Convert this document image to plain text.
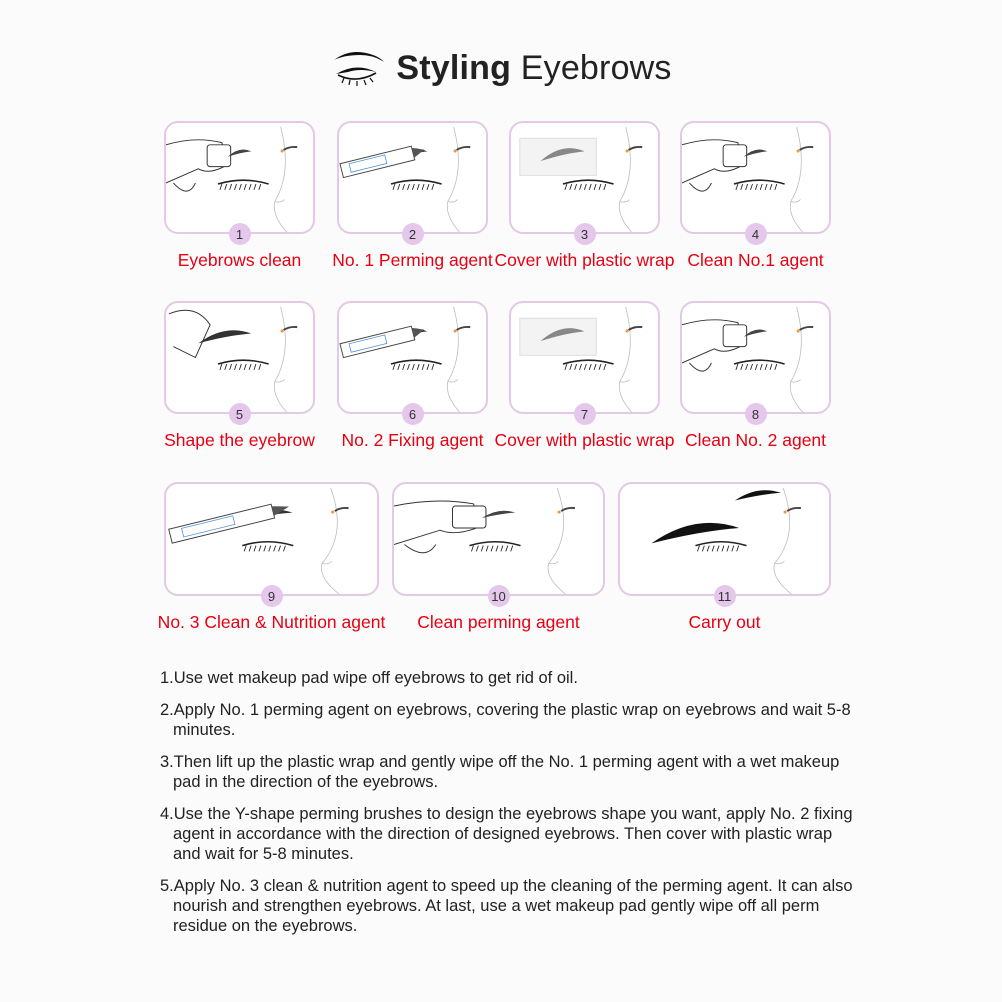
Styling Eyebrows
1
Eyebrows clean
2
No. 1 Perming agent
3
Cover with plastic wrap
4
Clean No.1 agent
5
Shape the eyebrow
6
No. 2 Fixing agent
7
Cover with plastic wrap
8
Clean No. 2 agent
9
No. 3 Clean & Nutrition agent
10
Clean perming agent
11
Carry out

1.Use wet makeup pad wipe off eyebrows to get rid of oil.

2.Apply No. 1 perming agent on eyebrows, covering the plastic wrap on eyebrows and wait 5-8 minutes.

3.Then lift up the plastic wrap and gently wipe off the No. 1 perming agent with a wet makeup pad in the direction of the eyebrows.

4.Use the Y-shape perming brushes to design the eyebrows shape you want, apply No. 2 fixing agent in accordance with the direction of designed eyebrows. Then cover with plastic wrap and wait for 5-8 minutes.

5.Apply No. 3 clean & nutrition agent to speed up the cleaning of the perming agent. It can also nourish and strengthen eyebrows. At last, use a wet makeup pad gently wipe off all perm residue on the eyebrows.
